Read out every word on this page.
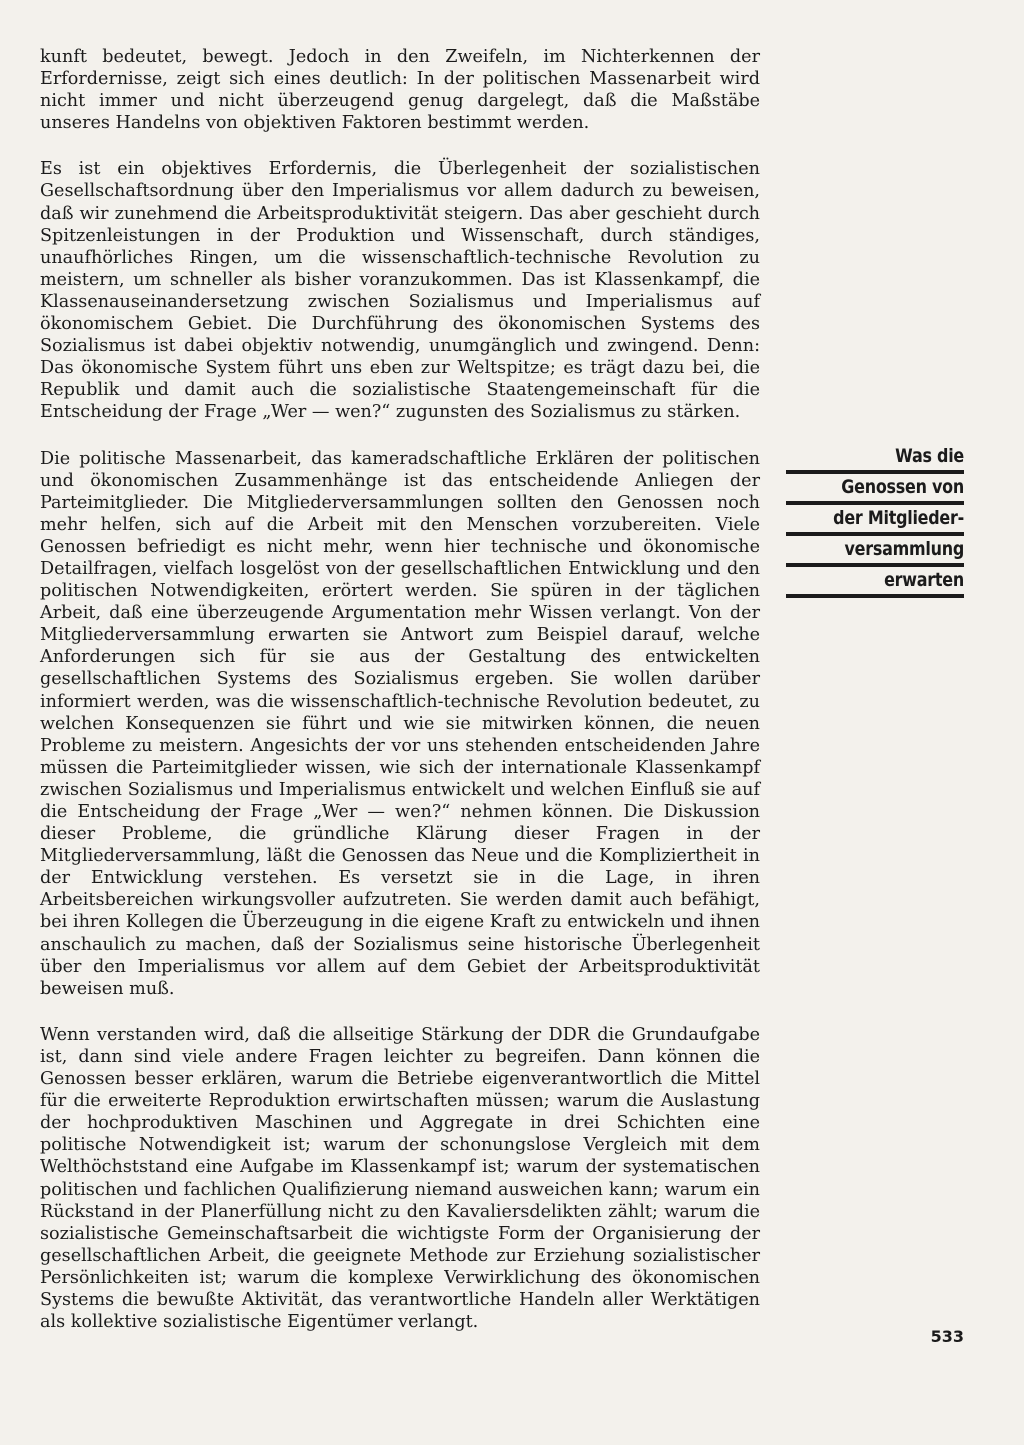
kunft bedeutet, bewegt. Jedoch in den Zweifeln, im Nichterkennen der Erfordernisse, zeigt sich eines deutlich: In der politischen Massenarbeit wird nicht immer und nicht überzeugend genug dargelegt, daß die Maßstäbe unseres Handelns von objektiven Faktoren bestimmt werden.

Es ist ein objektives Erfordernis, die Überlegenheit der sozialistischen Gesellschaftsordnung über den Imperialismus vor allem dadurch zu beweisen, daß wir zunehmend die Arbeitsproduktivität steigern. Das aber geschieht durch Spitzenleistungen in der Produktion und Wissenschaft, durch ständiges, unaufhörliches Ringen, um die wissenschaftlich-technische Revolution zu meistern, um schneller als bisher voranzukommen. Das ist Klassenkampf, die Klassenauseinandersetzung zwischen Sozialismus und Imperialismus auf ökonomischem Gebiet. Die Durchführung des ökonomischen Systems des Sozialismus ist dabei objektiv notwendig, unumgänglich und zwingend. Denn: Das ökonomische System führt uns eben zur Weltspitze; es trägt dazu bei, die Republik und damit auch die sozialistische Staatengemeinschaft für die Entscheidung der Frage „Wer — wen?“ zugunsten des Sozialismus zu stärken.

Die politische Massenarbeit, das kameradschaftliche Erklären der politischen und ökonomischen Zusammenhänge ist das entscheidende Anliegen der Parteimitglieder. Die Mitgliederversammlungen sollten den Genossen noch mehr helfen, sich auf die Arbeit mit den Menschen vorzubereiten. Viele Genossen befriedigt es nicht mehr, wenn hier technische und ökonomische Detailfragen, vielfach losgelöst von der gesellschaftlichen Entwicklung und den politischen Notwendigkeiten, erörtert werden. Sie spüren in der täglichen Arbeit, daß eine überzeugende Argumentation mehr Wissen verlangt. Von der Mitgliederversammlung erwarten sie Antwort zum Beispiel darauf, welche Anforderungen sich für sie aus der Gestaltung des entwickelten gesellschaftlichen Systems des Sozialismus ergeben. Sie wollen darüber informiert werden, was die wissenschaftlich-technische Revolution bedeutet, zu welchen Konsequenzen sie führt und wie sie mitwirken können, die neuen Probleme zu meistern. Angesichts der vor uns stehenden entscheidenden Jahre müssen die Parteimitglieder wissen, wie sich der internationale Klassenkampf zwischen Sozialismus und Imperialismus entwickelt und welchen Einfluß sie auf die Entscheidung der Frage „Wer — wen?“ nehmen können. Die Diskussion dieser Probleme, die gründliche Klärung dieser Fragen in der Mitgliederversammlung, läßt die Genossen das Neue und die Kompliziertheit in der Entwicklung verstehen. Es versetzt sie in die Lage, in ihren Arbeitsbereichen wirkungsvoller aufzutreten. Sie werden damit auch befähigt, bei ihren Kollegen die Überzeugung in die eigene Kraft zu entwickeln und ihnen anschaulich zu machen, daß der Sozialismus seine historische Überlegenheit über den Imperialismus vor allem auf dem Gebiet der Arbeitsproduktivität beweisen muß.

Wenn verstanden wird, daß die allseitige Stärkung der DDR die Grundaufgabe ist, dann sind viele andere Fragen leichter zu begreifen. Dann können die Genossen besser erklären, warum die Betriebe eigenverantwortlich die Mittel für die erweiterte Reproduktion erwirtschaften müssen; warum die Auslastung der hochproduktiven Maschinen und Aggregate in drei Schichten eine politische Notwendigkeit ist; warum der schonungslose Vergleich mit dem Welthöchststand eine Aufgabe im Klassenkampf ist; warum der systematischen politischen und fachlichen Qualifizierung niemand ausweichen kann; warum ein Rückstand in der Planerfüllung nicht zu den Kavaliersdelikten zählt; warum die sozialistische Gemeinschaftsarbeit die wichtigste Form der Organisierung der gesellschaftlichen Arbeit, die geeignete Methode zur Erziehung sozialistischer Persönlichkeiten ist; warum die komplexe Verwirklichung des ökonomischen Systems die bewußte Aktivität, das verantwortliche Handeln aller Werktätigen als kollektive sozialistische Eigentümer verlangt.

Was die
Genossen von
der Mitglieder-
versammlung
erwarten
533
